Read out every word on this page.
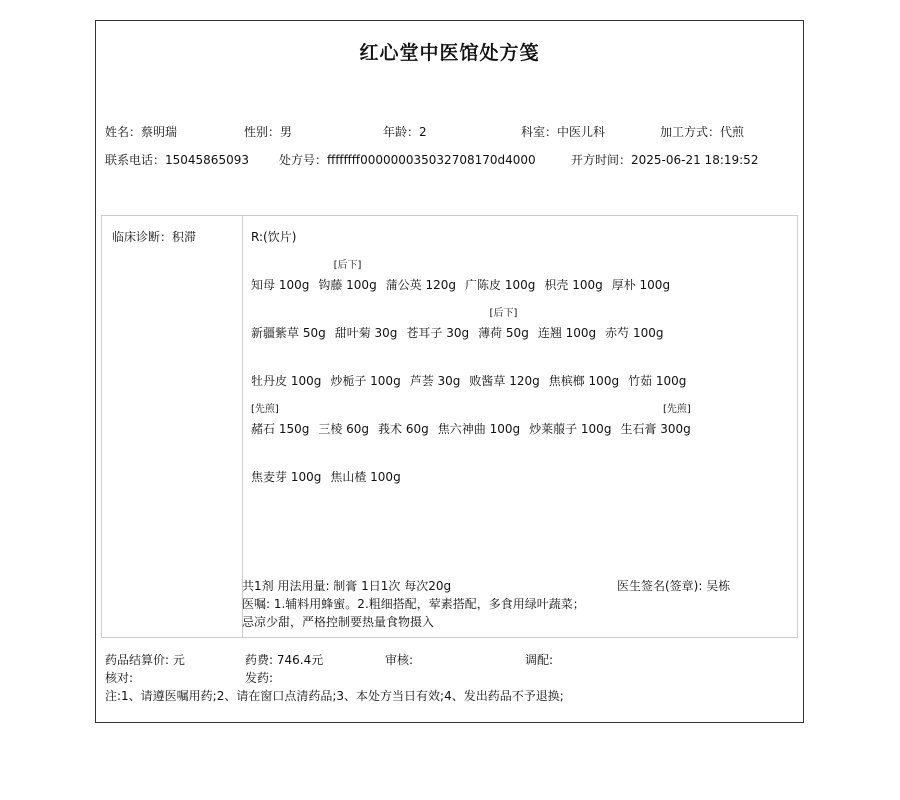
红心堂中医馆处方笺
姓名：蔡明瑞	性别：男	年龄：2	科室：中医儿科	加工方式：代煎
联系电话：15045865093	处方号：ffffffff000000035032708170d4000	开方时间：2025-06-21 18:19:52
临床诊断：积滞	R:(饮片)
知母 100g 钩藤 100g
[后下]
蒲公英 120g 广陈皮 100g 枳壳 100g 厚朴 100g
新疆紫草 50g 甜叶菊 30g 苍耳子 30g 薄荷 50g
[后下]
连翘 100g 赤芍 100g
牡丹皮 100g 炒栀子 100g 芦荟 30g 败酱草 120g 焦槟榔 100g 竹茹 100g
赭石 150g
[先煎]
三棱 60g 莪术 60g 焦六神曲 100g 炒莱菔子 100g 生石膏 300g
[先煎]
焦麦芽 100g 焦山楂 100g
共1剂 用法用量: 制膏 1日1次 每次20g	医生签名(签章): 吴栋
医嘱: 1.辅料用蜂蜜。2.粗细搭配，荤素搭配，多食用绿叶蔬菜；
忌凉少甜，严格控制要热量食物摄入
药品结算价: 元	药费: 746.4元	审核:	调配:
核对:	发药:
注:1、请遵医嘱用药;2、请在窗口点清药品;3、本处方当日有效;4、发出药品不予退换;
